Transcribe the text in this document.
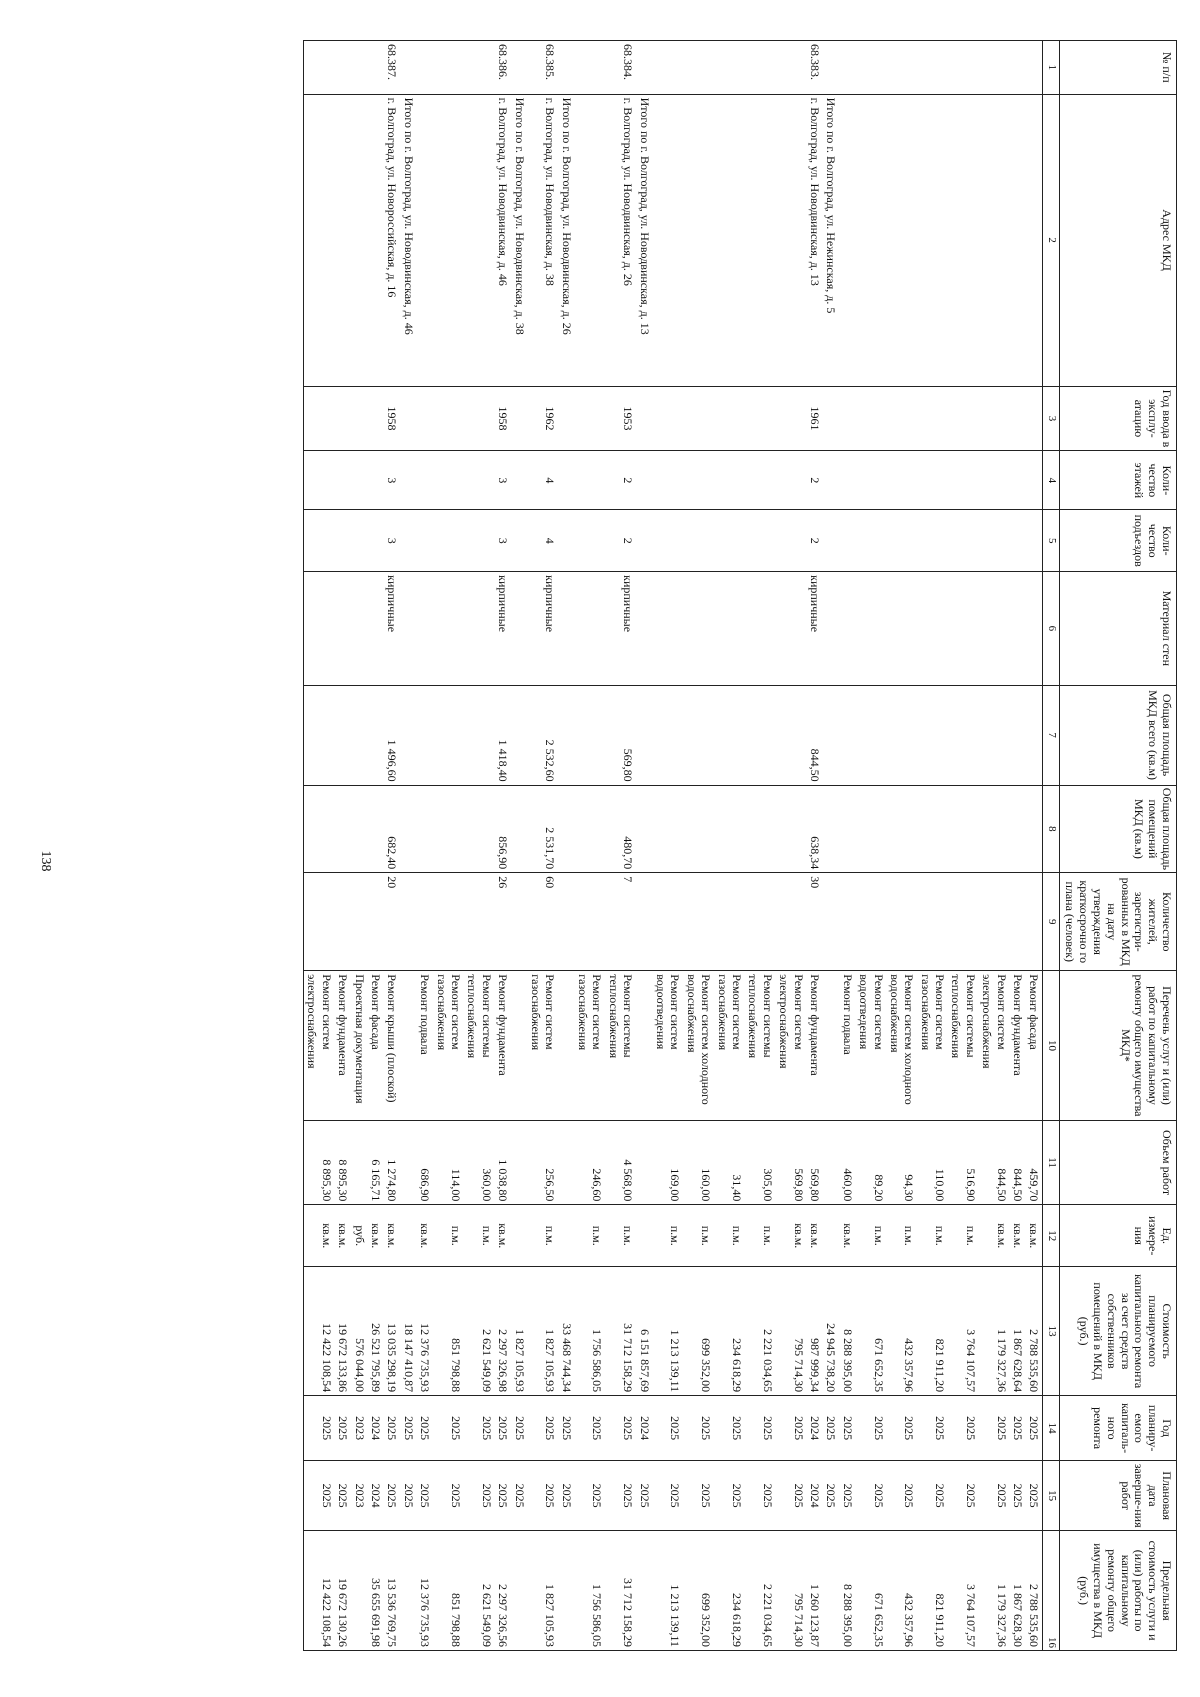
138
№ п/п	Адрес МКД	Год ввода в эксплу-атацию	Коли-чество этажей	Коли-чество подъездов	Материал стен	Общая площадь МКД всего (кв.м)	Общая площадь помещений МКД (кв.м)	Количество жителей, зарегистри-рованных в МКД на дату утверждения краткосрочно го плана (человек)	Перечень услуг и (или) работ по капитальному ремонту общего имущества МКД*	Объем работ	Ед. измере-ния	Стоимость планируемого капитального ремонта за счет средств собственников помещений в МКД (руб.)	Год планиру-емого капиталь-ного ремонта	Плановая дата заверше-ния работ	Предельная стоимость услуги и (или) работы по капитальному ремонту общего имущества в МКД (руб.)
1	2	3	4	5	6	7	8	9	10	11	12	13	14	15	16
									Ремонт фасада	459,70	кв.м.	2 788 535,60	2025	2025	2 788 535,60
									Ремонт фундамента	844,50	кв.м.	1 867 628,64	2025	2025	1 867 628,30
									Ремонт систем электроснабжения	844,50	кв.м.	1 179 327,36	2025	2025	1 179 327,36
									Ремонт системы теплоснабжения	516,90	п.м.	3 764 107,57	2025	2025	3 764 107,57
									Ремонт систем газоснабжения	110,00	п.м.	821 911,20	2025	2025	821 911,20
									Ремонт систем холодного водоснабжения	94,30	п.м.	432 357,96	2025	2025	432 357,96
									Ремонт систем водоотведения	89,20	п.м.	671 652,35	2025	2025	671 652,35
									Ремонт подвала	460,00	кв.м.	8 288 395,00	2025	2025	8 288 395,00
	Итого по г. Волгоград, ул. Нежинская, д. 5											24 945 738,20	2025	2025	
68.383.	г. Волгоград, ул. Новодвинская, д. 13	1961	2	2	кирпичные	844,50	638,34	30	Ремонт фундамента	569,80	кв.м.	987 999,34	2024	2024	1 260 123,87
									Ремонт систем электроснабжения	569,80	кв.м.	795 714,30	2025	2025	795 714,30
									Ремонт системы теплоснабжения	305,00	п.м.	2 221 034,65	2025	2025	2 221 034,65
									Ремонт систем газоснабжения	31,40	п.м.	234 618,29	2025	2025	234 618,29
									Ремонт систем холодного водоснабжения	160,00	п.м.	699 352,00	2025	2025	699 352,00
									Ремонт систем водоотведения	169,00	п.м.	1 213 139,11	2025	2025	1 213 139,11
	Итого по г. Волгоград, ул. Новодвинская, д. 13											6 151 857,69	2024	2025	
68.384.	г. Волгоград, ул. Новодвинская, д. 26	1953	2	2	кирпичные	569,80	480,70	7	Ремонт системы теплоснабжения	4 568,00	п.м.	31 712 158,29	2025	2025	31 712 158,29
									Ремонт систем газоснабжения	246,60	п.м.	1 756 586,05	2025	2025	1 756 586,05
	Итого по г. Волгоград, ул. Новодвинская, д. 26											33 468 744,34	2025	2025	
68.385.	г. Волгоград, ул. Новодвинская, д. 38	1962	4	4	кирпичные	2 532,60	2 531,70	60	Ремонт систем газоснабжения	256,50	п.м.	1 827 105,93	2025	2025	1 827 105,93
	Итого по г. Волгоград, ул. Новодвинская, д. 38											1 827 105,93	2025	2025	
68.386.	г. Волгоград, ул. Новодвинская, д. 46	1958	3	3	кирпичные	1 418,40	856,90	26	Ремонт фундамента	1 038,80	кв.м.	2 297 326,98	2025	2025	2 297 326,56
									Ремонт системы теплоснабжения	360,00	п.м.	2 621 549,09	2025	2025	2 621 549,09
									Ремонт систем газоснабжения	114,00	п.м.	851 798,88	2025	2025	851 798,88
									Ремонт подвала	686,90	кв.м.	12 376 735,93	2025	2025	12 376 735,93
	Итого по г. Волгоград, ул. Новодвинская, д. 46											18 147 410,87	2025	2025	
68.387.	г. Волгоград, ул. Новороссийская, д. 16	1958	3	3	кирпичные	1 496,60	682,40	20	Ремонт крыши (плоской)	1 274,80	кв.м.	13 035 298,19	2025	2025	13 536 769,75
									Ремонт фасада	6 165,71	кв.м.	26 521 795,89	2024	2024	35 655 691,98
									Проектная документация		руб.	576 044,00	2023	2023	
									Ремонт фундамента	8 895,30	кв.м.	19 672 133,86	2025	2025	19 672 130,26
									Ремонт систем электроснабжения	8 895,30	кв.м.	12 422 108,54	2025	2025	12 422 108,54
